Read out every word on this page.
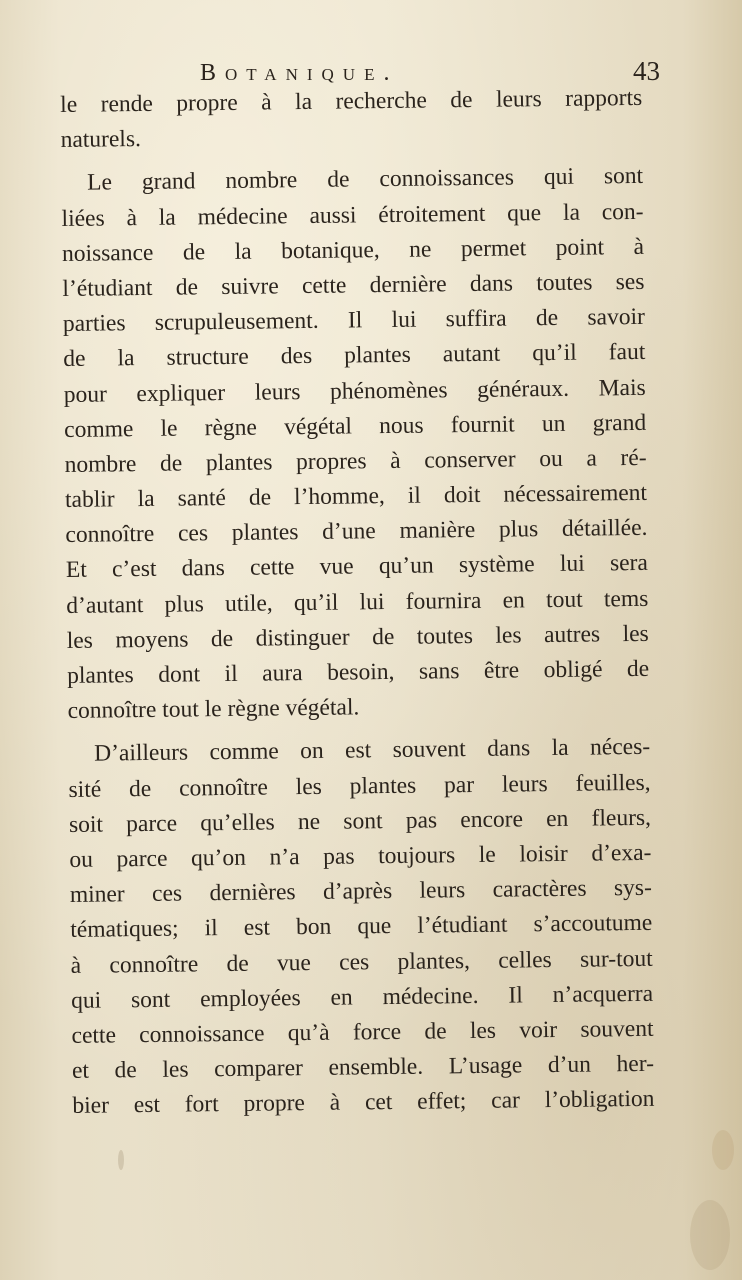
Botanique.	43
le rende propre à la recherche de leurs rapports
naturels.
Le grand nombre de connoissances qui sont
liées à la médecine aussi étroitement que la con-
noissance de la botanique, ne permet point à
l’étudiant de suivre cette dernière dans toutes ses
parties scrupuleusement. Il lui suffira de savoir
de la structure des plantes autant qu’il faut
pour expliquer leurs phénomènes généraux. Mais
comme le règne végétal nous fournit un grand
nombre de plantes propres à conserver ou a ré-
tablir la santé de l’homme, il doit nécessairement
connoître ces plantes d’une manière plus détaillée.
Et c’est dans cette vue qu’un système lui sera
d’autant plus utile, qu’il lui fournira en tout tems
les moyens de distinguer de toutes les autres les
plantes dont il aura besoin, sans être obligé de
connoître tout le règne végétal.
D’ailleurs comme on est souvent dans la néces-
sité de connoître les plantes par leurs feuilles,
soit parce qu’elles ne sont pas encore en fleurs,
ou parce qu’on n’a pas toujours le loisir d’exa-
miner ces dernières d’après leurs caractères sys-
tématiques; il est bon que l’étudiant s’accoutume
à connoître de vue ces plantes, celles sur-tout
qui sont employées en médecine. Il n’acquerra
cette connoissance qu’à force de les voir souvent
et de les comparer ensemble. L’usage d’un her-
bier est fort propre à cet effet; car l’obligation
